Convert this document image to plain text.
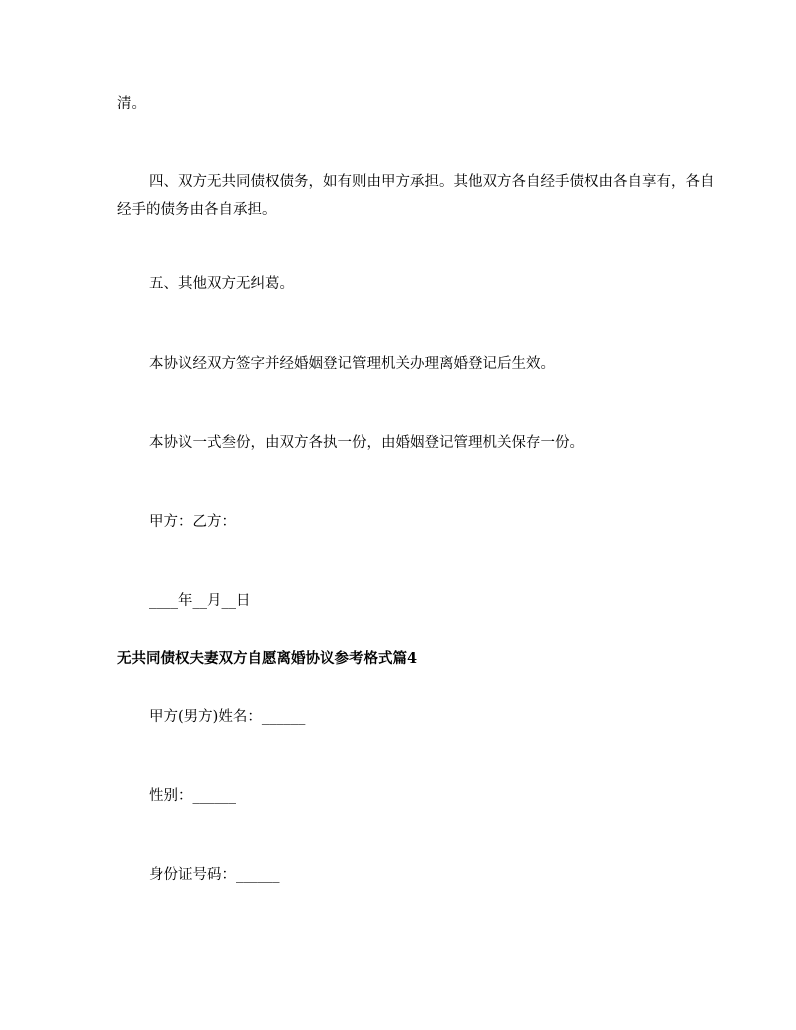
清。

四、双方无共同债权债务，如有则由甲方承担。其他双方各自经手债权由各自享有，各自经手的债务由各自承担。

五、其他双方无纠葛。

本协议经双方签字并经婚姻登记管理机关办理离婚登记后生效。

本协议一式叁份，由双方各执一份，由婚姻登记管理机关保存一份。

甲方：乙方：

____年__月__日

无共同债权夫妻双方自愿离婚协议参考格式篇4

甲方(男方)姓名：______

性别：______

身份证号码：______
